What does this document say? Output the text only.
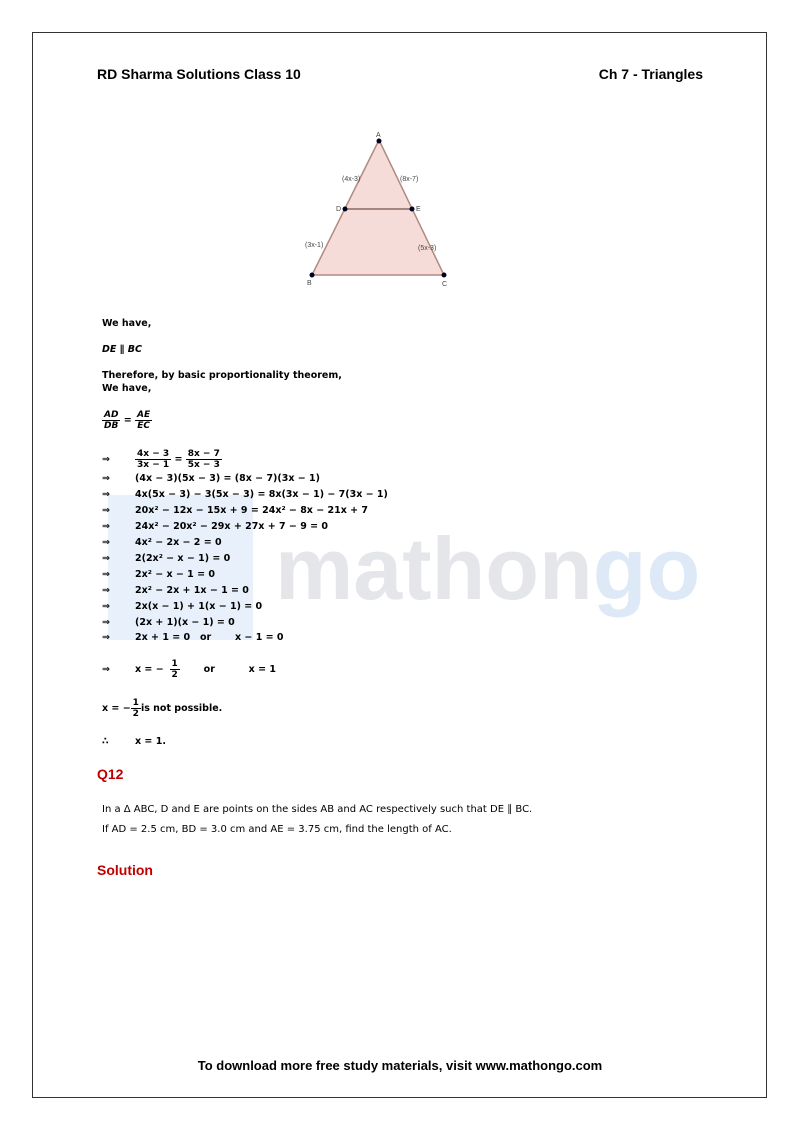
RD Sharma Solutions Class 10	Ch 7 - Triangles
A
B	C
D	E
(4x-3)	(8x-7)
(3x-1)	(5x-3)
mathongo
We have,
DE ∥ BC
Therefore, by basic proportionality theorem,
We have,
$\frac{AD}{DB}$
=
$\frac{AE}{EC}$
⇒	$\frac{4x - 3}{3x - 1}$
=
$\frac{8x - 7}{5x - 3}$
⇒	(4x − 3)(5x − 3) = (8x − 7)(3x − 1)
⇒	4x(5x − 3) − 3(5x − 3) = 8x(3x − 1) − 7(3x − 1)
⇒	20x² − 12x − 15x + 9 = 24x² − 8x − 21x + 7
⇒	24x² − 20x² − 29x + 27x + 7 − 9 = 0
⇒	4x² − 2x − 2 = 0
⇒	2(2x² − x − 1) = 0
⇒	2x² − x − 1 = 0
⇒	2x² − 2x + 1x − 1 = 0
⇒	2x(x − 1) + 1(x − 1) = 0
⇒	(2x + 1)(x − 1) = 0
⇒	2x + 1 = 0	or	x − 1 = 0
⇒	x = − $\frac{1}{2}$ or	x = 1
x = − $\frac{1}{2}$ is not possible.
∴	x = 1.
Q12
In a Δ ABC, D and E are points on the sides AB and AC respectively such that DE ∥ BC.
If AD = 2.5 cm, BD = 3.0 cm and AE = 3.75 cm, find the length of AC.
Solution
To download more free study materials, visit www.mathongo.com
